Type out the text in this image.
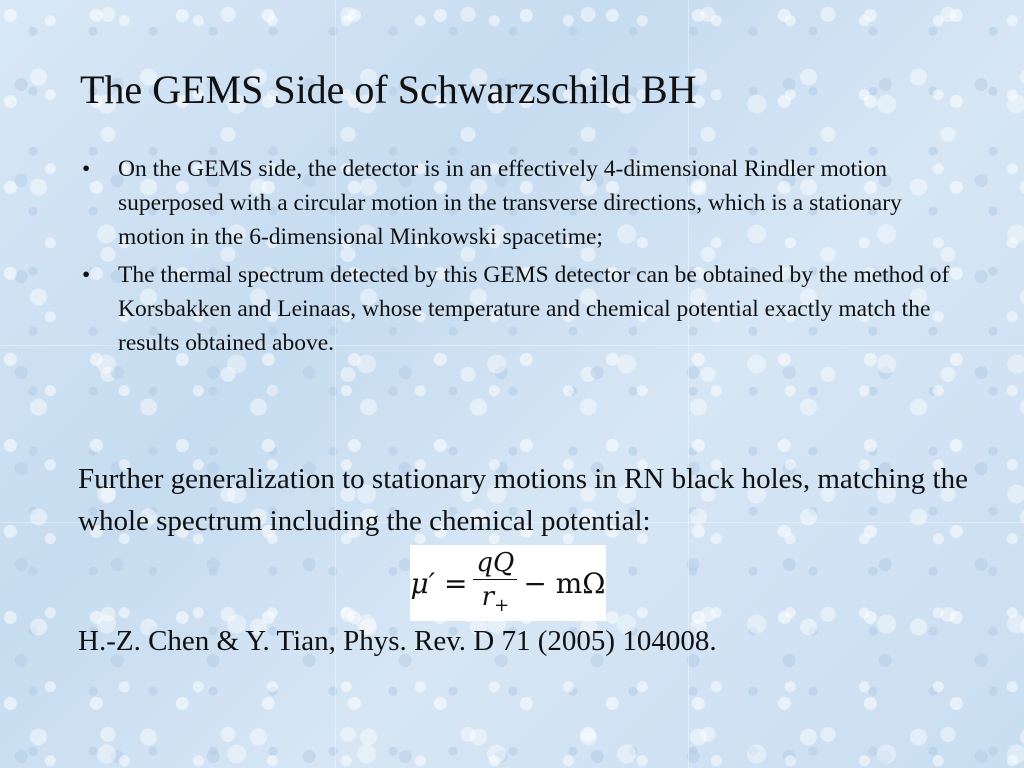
The GEMS Side of Schwarzschild BH
• On the GEMS side, the detector is in an effectively 4-dimensional Rindler motion superposed with a circular motion in the transverse directions, which is a stationary motion in the 6-dimensional Minkowski spacetime;
• The thermal spectrum detected by this GEMS detector can be obtained by the method of Korsbakken and Leinaas, whose temperature and chemical potential exactly match the results obtained above.

Further generalization to stationary motions in RN black holes, matching the whole spectrum including the chemical potential:

$\mu' = \frac{qQ}{r_+} - m\Omega$

H.-Z. Chen & Y. Tian, Phys. Rev. D 71 (2005) 104008.
